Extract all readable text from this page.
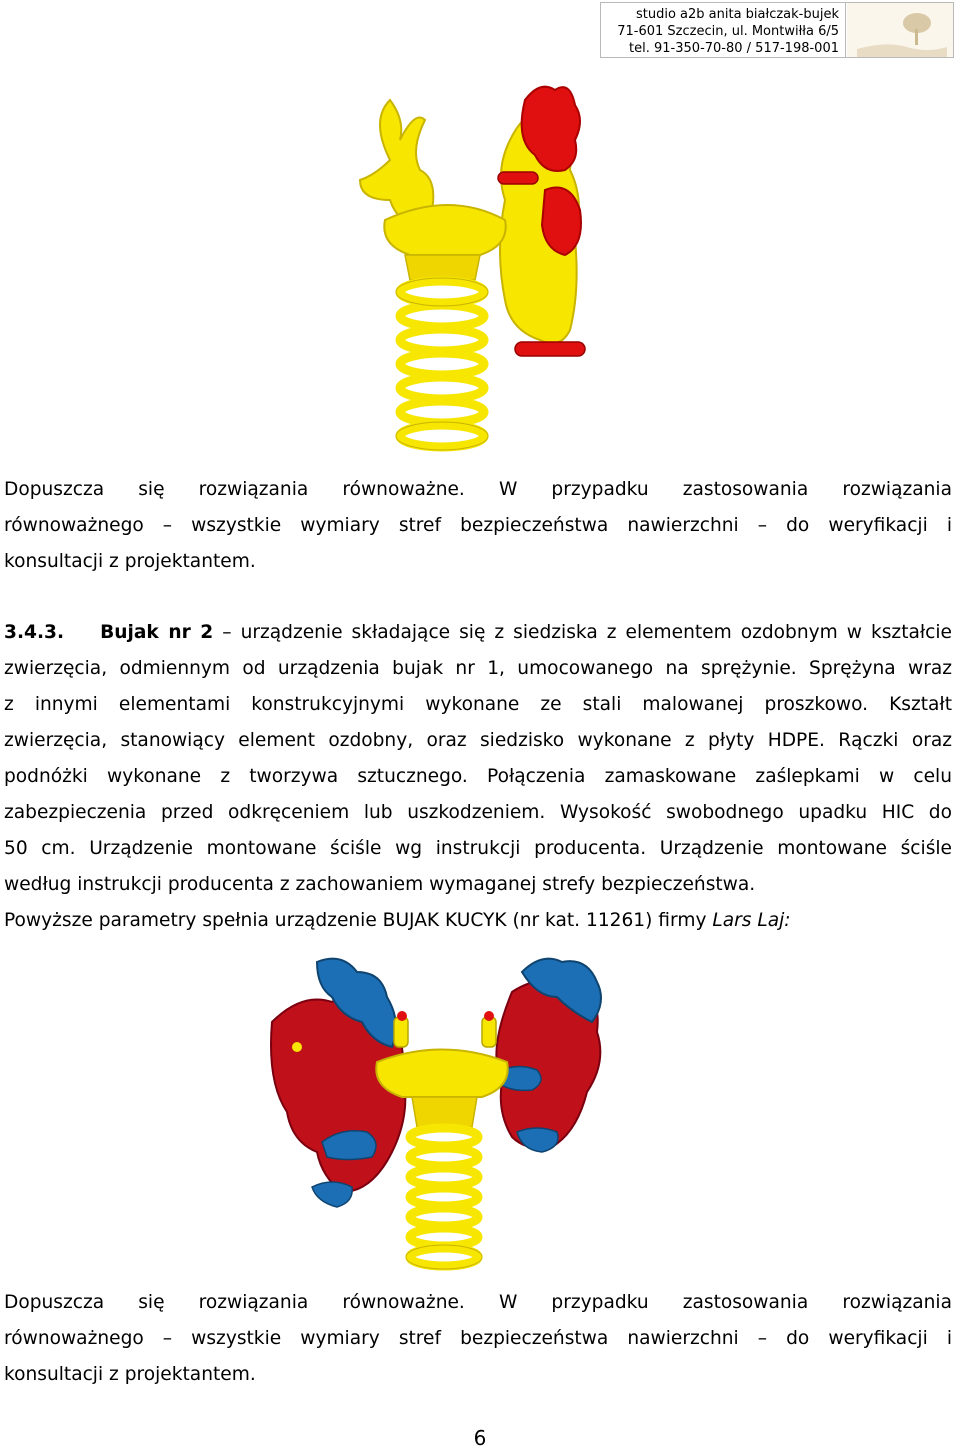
studio a2b anita białczak-bujek
71-601 Szczecin, ul. Montwiłła 6/5
tel. 91-350-70-80 / 517-198-001
Dopuszcza się rozwiązania równoważne. W przypadku zastosowania rozwiązania
równoważnego – wszystkie wymiary stref bezpieczeństwa nawierzchni – do weryfikacji i
konsultacji z projektantem.
3.4.3. Bujak nr 2 – urządzenie składające się z siedziska z elementem ozdobnym w kształcie
zwierzęcia, odmiennym od urządzenia bujak nr 1, umocowanego na sprężynie. Sprężyna wraz
z innymi elementami konstrukcyjnymi wykonane ze stali malowanej proszkowo. Kształt
zwierzęcia, stanowiący element ozdobny, oraz siedzisko wykonane z płyty HDPE. Rączki oraz
podnóżki wykonane z tworzywa sztucznego. Połączenia zamaskowane zaślepkami w celu
zabezpieczenia przed odkręceniem lub uszkodzeniem. Wysokość swobodnego upadku HIC do
50 cm. Urządzenie montowane ściśle wg instrukcji producenta. Urządzenie montowane ściśle
według instrukcji producenta z zachowaniem wymaganej strefy bezpieczeństwa.
Powyższe parametry spełnia urządzenie BUJAK KUCYK (nr kat. 11261) firmy Lars Laj:
Dopuszcza się rozwiązania równoważne. W przypadku zastosowania rozwiązania
równoważnego – wszystkie wymiary stref bezpieczeństwa nawierzchni – do weryfikacji i
konsultacji z projektantem.
6
